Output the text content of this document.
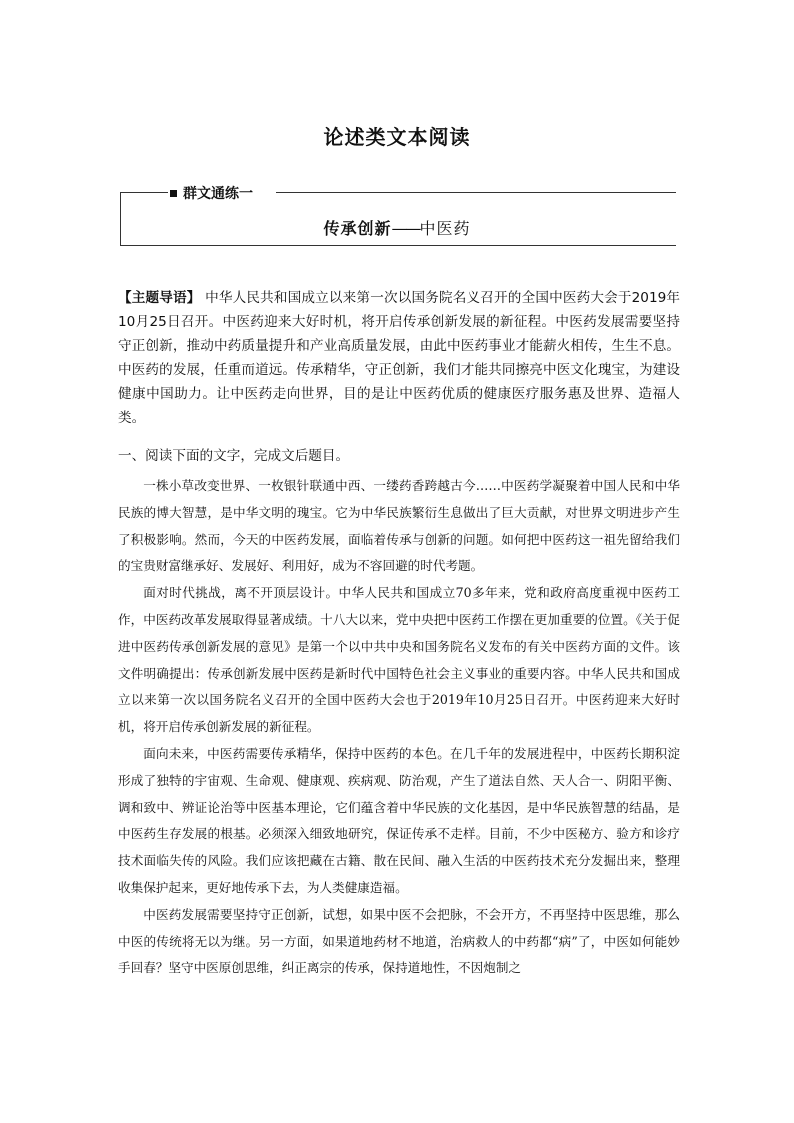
论述类文本阅读
群文通练一
传承创新——中医药
【主题导语】 中华人民共和国成立以来第一次以国务院名义召开的全国中医药大会于2019年10月25日召开。中医药迎来大好时机，将开启传承创新发展的新征程。中医药发展需要坚持守正创新，推动中药质量提升和产业高质量发展，由此中医药事业才能薪火相传，生生不息。中医药的发展，任重而道远。传承精华，守正创新，我们才能共同擦亮中医文化瑰宝，为建设健康中国助力。让中医药走向世界，目的是让中医药优质的健康医疗服务惠及世界、造福人类。
一、阅读下面的文字，完成文后题目。

一株小草改变世界、一枚银针联通中西、一缕药香跨越古今……中医药学凝聚着中国人民和中华民族的博大智慧，是中华文明的瑰宝。它为中华民族繁衍生息做出了巨大贡献，对世界文明进步产生了积极影响。然而，今天的中医药发展，面临着传承与创新的问题。如何把中医药这一祖先留给我们的宝贵财富继承好、发展好、利用好，成为不容回避的时代考题。

面对时代挑战，离不开顶层设计。中华人民共和国成立70多年来，党和政府高度重视中医药工作，中医药改革发展取得显著成绩。十八大以来，党中央把中医药工作摆在更加重要的位置。《关于促进中医药传承创新发展的意见》是第一个以中共中央和国务院名义发布的有关中医药方面的文件。该文件明确提出：传承创新发展中医药是新时代中国特色社会主义事业的重要内容。中华人民共和国成立以来第一次以国务院名义召开的全国中医药大会也于2019年10月25日召开。中医药迎来大好时机，将开启传承创新发展的新征程。

面向未来，中医药需要传承精华，保持中医药的本色。在几千年的发展进程中，中医药长期积淀形成了独特的宇宙观、生命观、健康观、疾病观、防治观，产生了道法自然、天人合一、阴阳平衡、调和致中、辨证论治等中医基本理论，它们蕴含着中华民族的文化基因，是中华民族智慧的结晶，是中医药生存发展的根基。必须深入细致地研究，保证传承不走样。目前，不少中医秘方、验方和诊疗技术面临失传的风险。我们应该把藏在古籍、散在民间、融入生活的中医药技术充分发掘出来，整理收集保护起来，更好地传承下去，为人类健康造福。

中医药发展需要坚持守正创新，试想，如果中医不会把脉，不会开方，不再坚持中医思维，那么中医的传统将无以为继。另一方面，如果道地药材不地道，治病救人的中药都“病”了，中医如何能妙手回春？坚守中医原创思维，纠正离宗的传承，保持道地性，不因炮制之
